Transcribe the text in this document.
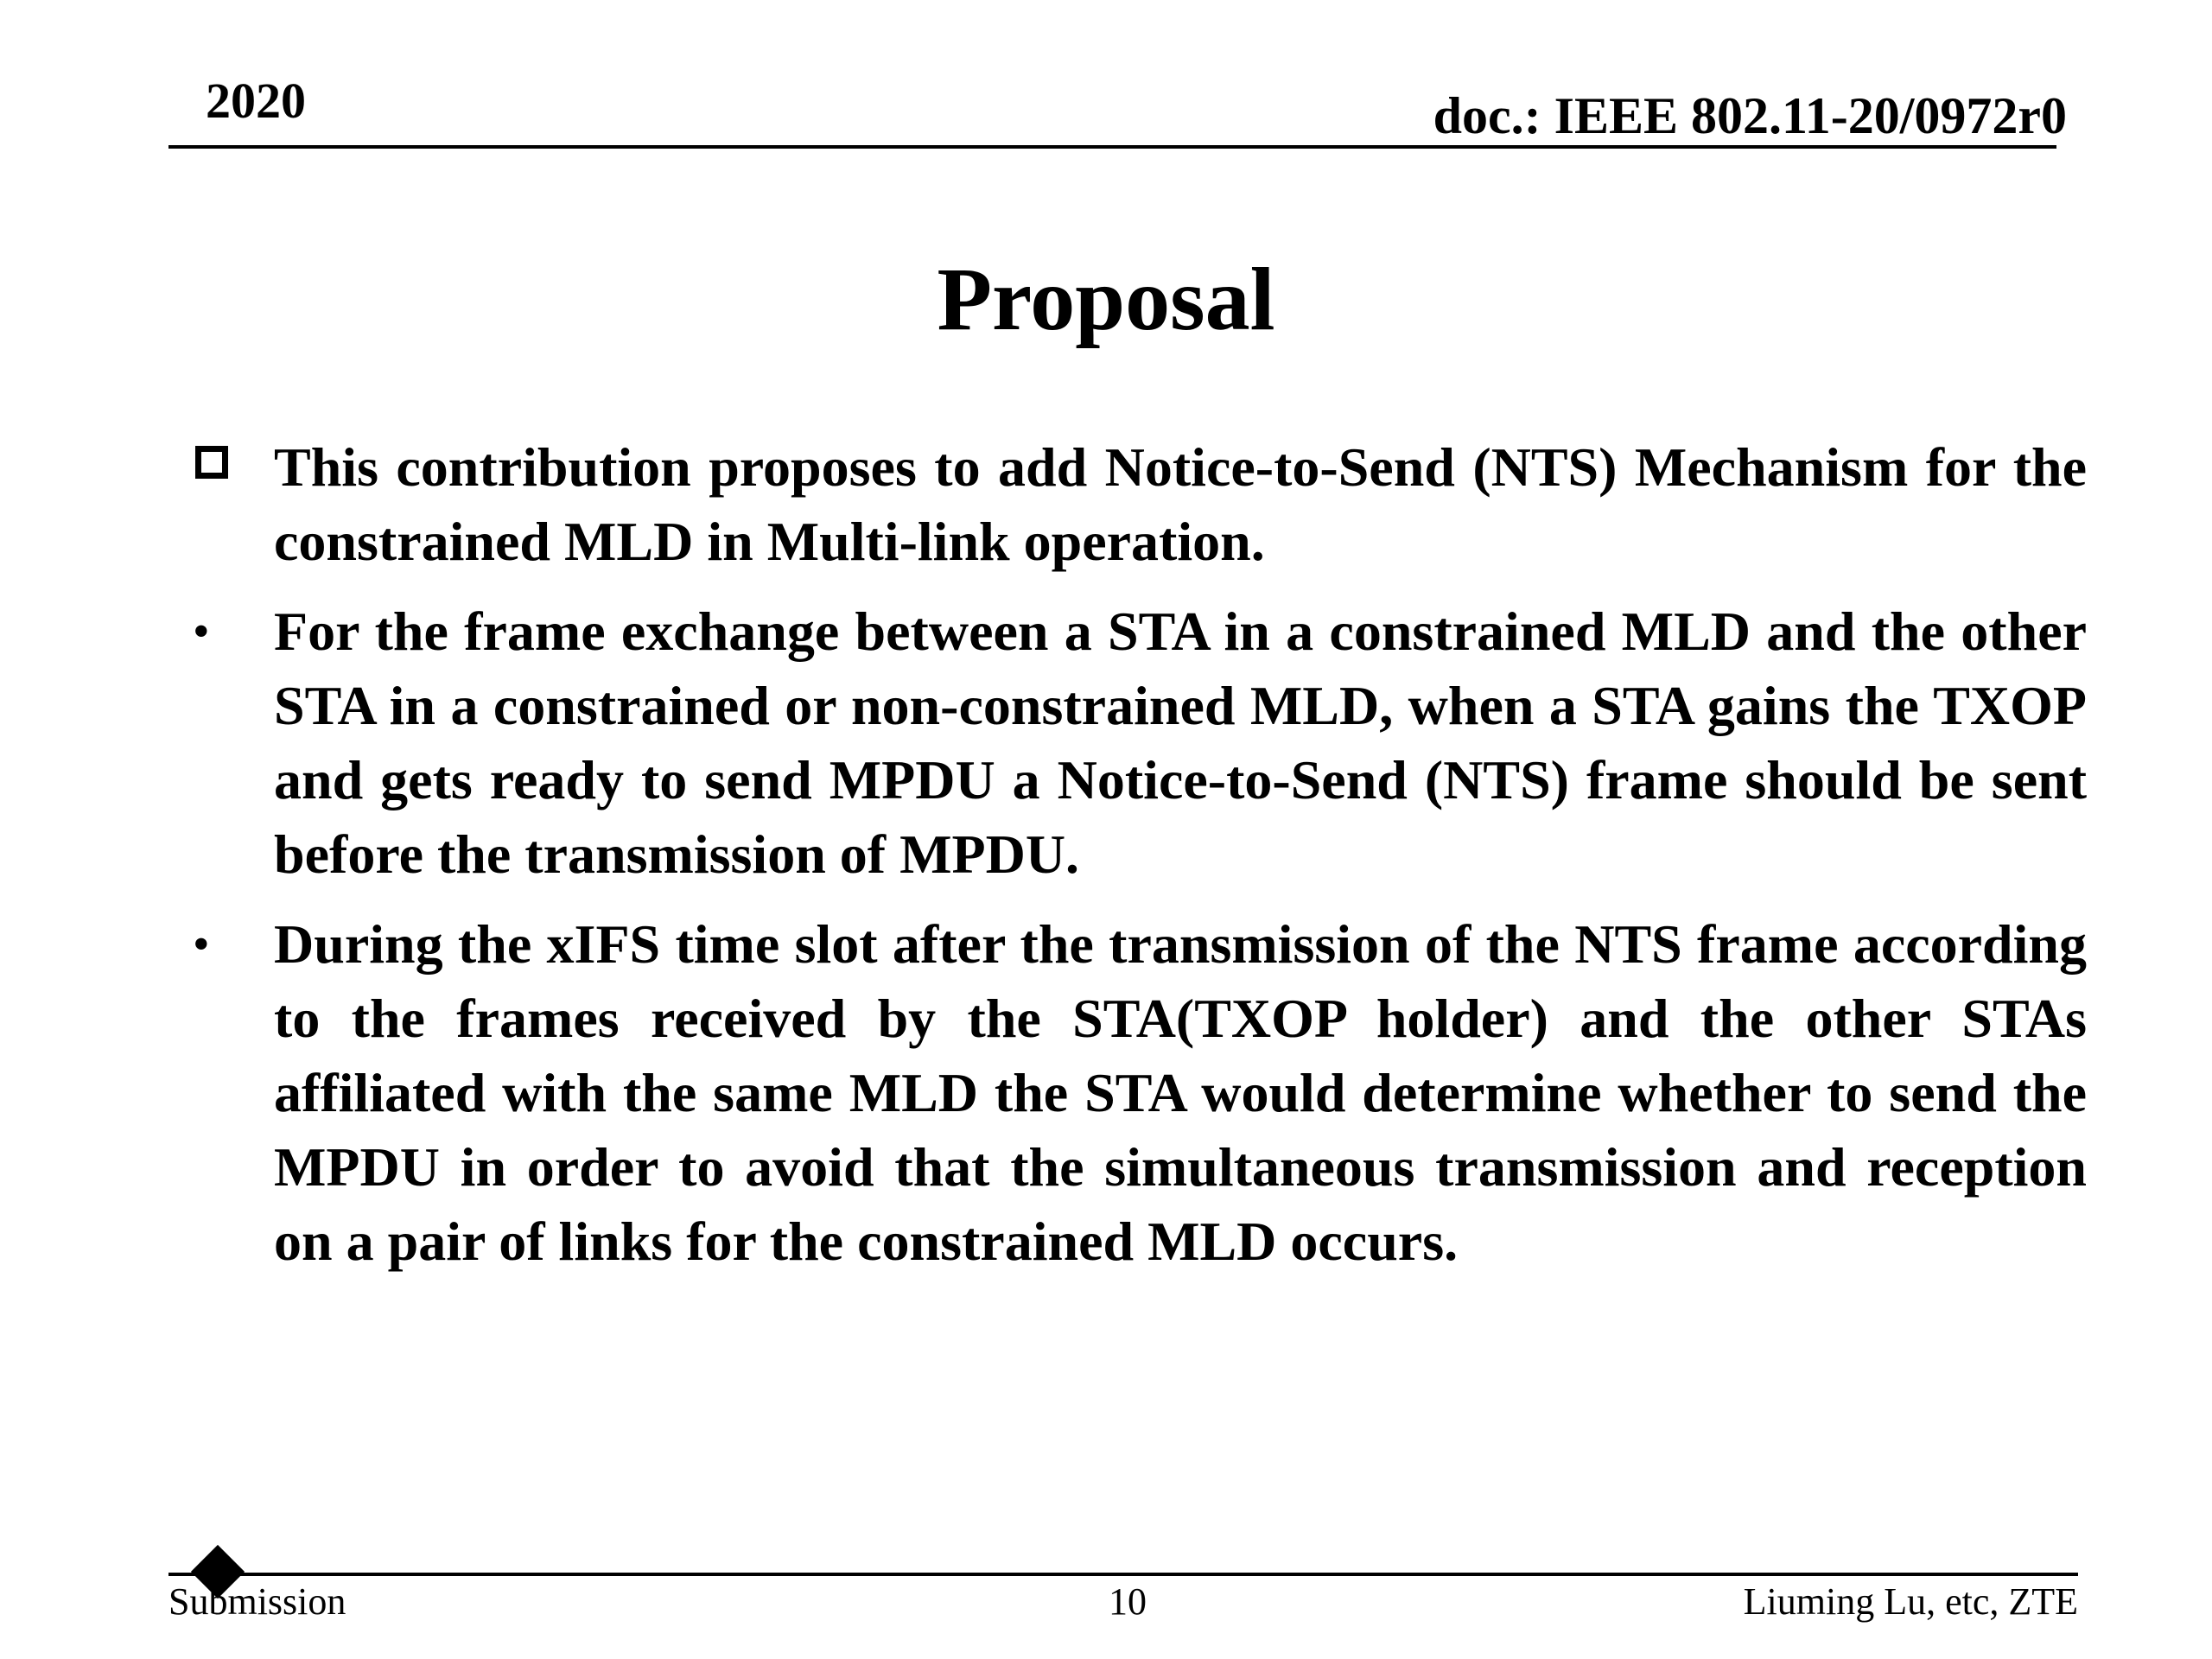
2020	doc.: IEEE 802.11-20/0972r0
Proposal
This contribution proposes to add Notice-to-Send (NTS) Mechanism for the constrained MLD in Multi-link operation.
• For the frame exchange between a STA in a constrained MLD and the other STA in a constrained or non-constrained MLD, when a STA gains the TXOP and gets ready to send MPDU a Notice-to-Send (NTS) frame should be sent before the transmission of MPDU.
• During the xIFS time slot after the transmission of the NTS frame according to the frames received by the STA(TXOP holder) and the other STAs affiliated with the same MLD the STA would determine whether to send the MPDU in order to avoid that the simultaneous transmission and reception on a pair of links for the constrained MLD occurs.
Submission	10	Liuming Lu, etc, ZTE
